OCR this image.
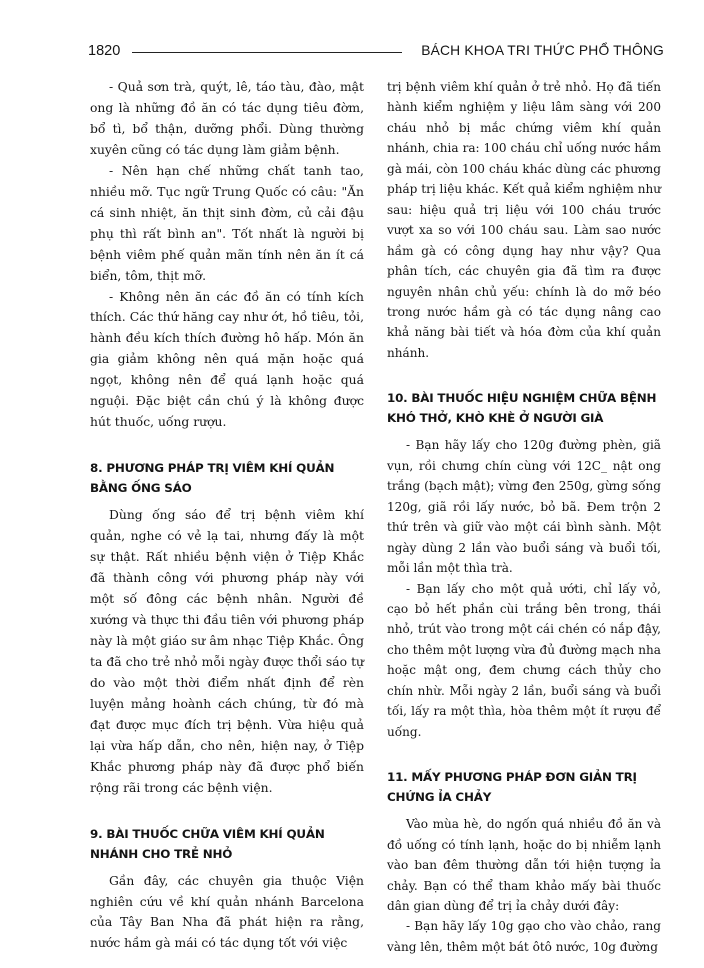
1820	BÁCH KHOA TRI THỨC PHỔ THÔNG

- Quả sơn trà, quýt, lê, táo tàu, đào, mật ong là những đồ ăn có tác dụng tiêu đờm, bổ tì, bổ thận, dưỡng phổi. Dùng thường xuyên cũng có tác dụng làm giảm bệnh.

- Nên hạn chế những chất tanh tao, nhiều mỡ. Tục ngữ Trung Quốc có câu: "Ăn cá sinh nhiệt, ăn thịt sinh đờm, củ cải đậu phụ thì rất bình an". Tốt nhất là người bị bệnh viêm phế quản mãn tính nên ăn ít cá biển, tôm, thịt mỡ.

- Không nên ăn các đồ ăn có tính kích thích. Các thứ hăng cay như ớt, hồ tiêu, tỏi, hành đều kích thích đường hô hấp. Món ăn gia giảm không nên quá mặn hoặc quá ngọt, không nên để quá lạnh hoặc quá nguội. Đặc biệt cần chú ý là không được hút thuốc, uống rượu.

8. PHƯƠNG PHÁP TRỊ VIÊM KHÍ QUẢN BẰNG ỐNG SÁO

Dùng ống sáo để trị bệnh viêm khí quản, nghe có vẻ lạ tai, nhưng đấy là một sự thật. Rất nhiều bệnh viện ở Tiệp Khắc đã thành công với phương pháp này với một số đông các bệnh nhân. Người đề xướng và thực thi đầu tiên với phương pháp này là một giáo sư âm nhạc Tiệp Khắc. Ông ta đã cho trẻ nhỏ mỗi ngày được thổi sáo tự do vào một thời điểm nhất định để rèn luyện mảng hoành cách chúng, từ đó mà đạt được mục đích trị bệnh. Vừa hiệu quả lại vừa hấp dẫn, cho nên, hiện nay, ở Tiệp Khắc phương pháp này đã được phổ biến rộng rãi trong các bệnh viện.

9. BÀI THUỐC CHỮA VIÊM KHÍ QUẢN NHÁNH CHO TRẺ NHỎ

Gần đây, các chuyên gia thuộc Viện nghiên cứu về khí quản nhánh Barcelona của Tây Ban Nha đã phát hiện ra rằng, nước hầm gà mái có tác dụng tốt với việc

trị bệnh viêm khí quản ở trẻ nhỏ. Họ đã tiến hành kiểm nghiệm y liệu lâm sàng với 200 cháu nhỏ bị mắc chứng viêm khí quản nhánh, chia ra: 100 cháu chỉ uống nước hầm gà mái, còn 100 cháu khác dùng các phương pháp trị liệu khác. Kết quả kiểm nghiệm như sau: hiệu quả trị liệu với 100 cháu trước vượt xa so với 100 cháu sau. Làm sao nước hầm gà có công dụng hay như vậy? Qua phân tích, các chuyên gia đã tìm ra được nguyên nhân chủ yếu: chính là do mỡ béo trong nước hầm gà có tác dụng nâng cao khả năng bài tiết và hóa đờm của khí quản nhánh.

10. BÀI THUỐC HIỆU NGHIỆM CHỮA BỆNH KHÓ THỞ, KHÒ KHÈ Ở NGƯỜI GIÀ

- Bạn hãy lấy cho 120g đường phèn, giã vụn, rồi chưng chín cùng với 12C_ nật ong trắng (bạch mật); vừng đen 250g, gừng sống 120g, giã rồi lấy nước, bỏ bã. Đem trộn 2 thứ trên và giữ vào một cái bình sành. Một ngày dùng 2 lần vào buổi sáng và buổi tối, mỗi lần một thìa trà.

- Bạn lấy cho một quả ướti, chỉ lấy vỏ, cạo bỏ hết phần cùi trắng bên trong, thái nhỏ, trút vào trong một cái chén có nắp đậy, cho thêm một lượng vừa đủ đường mạch nha hoặc mật ong, đem chưng cách thủy cho chín nhừ. Mỗi ngày 2 lần, buổi sáng và buổi tối, lấy ra một thìa, hòa thêm một ít rượu để uống.

11. MẤY PHƯƠNG PHÁP ĐƠN GIẢN TRỊ CHỨNG ỈA CHẢY

Vào mùa hè, do ngốn quá nhiều đồ ăn và đồ uống có tính lạnh, hoặc do bị nhiễm lạnh vào ban đêm thường dẫn tới hiện tượng ỉa chảy. Bạn có thể tham khảo mấy bài thuốc dân gian dùng để trị ỉa chảy dưới đây:

- Bạn hãy lấy 10g gạo cho vào chảo, rang vàng lên, thêm một bát ôtô nước, 10g đường
